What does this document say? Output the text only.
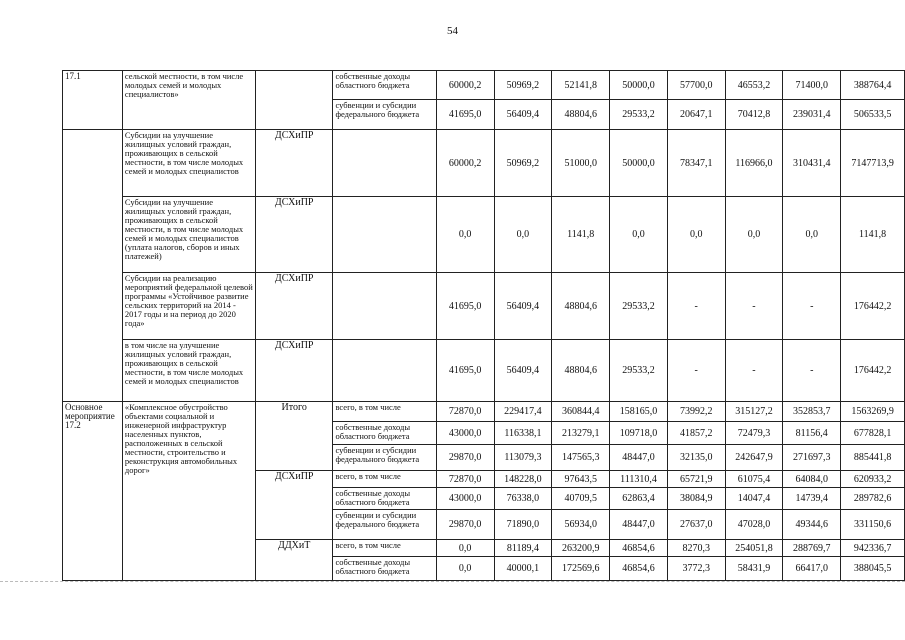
54
17.1	сельской местности, в том числе молодых семей и молодых специалистов»		собственные доходы областного бюджета	60000,2	50969,2	52141,8	50000,0	57700,0	46553,2	71400,0	388764,4
			субвенции и субсидии федерального бюджета	41695,0	56409,4	48804,6	29533,2	20647,1	70412,8	239031,4	506533,5
	Субсидии на улучшение жилищных условий граждан, проживающих в сельской местности, в том числе молодых семей и молодых специалистов	ДСХиПР		60000,2	50969,2	51000,0	50000,0	78347,1	116966,0	310431,4	7147713,9
	Субсидии на улучшение жилищных условий граждан, проживающих в сельской местности, в том числе молодых семей и молодых специалистов (уплата налогов, сборов и иных платежей)	ДСХиПР		0,0	0,0	1141,8	0,0	0,0	0,0	0,0	1141,8
	Субсидии на реализацию мероприятий федеральной целевой программы «Устойчивое развитие сельских территорий на 2014 - 2017 годы и на период до 2020 года»	ДСХиПР		41695,0	56409,4	48804,6	29533,2	-	-	-	176442,2
	в том числе на улучшение жилищных условий граждан, проживающих в сельской местности, в том числе молодых семей и молодых специалистов	ДСХиПР		41695,0	56409,4	48804,6	29533,2	-	-	-	176442,2
Основное мероприятие 17.2	«Комплексное обустройство объектами социальной и инженерной инфраструктур населенных пунктов, расположенных в сельской местности, строительство и реконструкция автомобильных дорог»	Итого	всего, в том числе	72870,0	229417,4	360844,4	158165,0	73992,2	315127,2	352853,7	1563269,9
			собственные доходы областного бюджета	43000,0	116338,1	213279,1	109718,0	41857,2	72479,3	81156,4	677828,1
			субвенции и субсидии федерального бюджета	29870,0	113079,3	147565,3	48447,0	32135,0	242647,9	271697,3	885441,8
		ДСХиПР	всего, в том числе	72870,0	148228,0	97643,5	111310,4	65721,9	61075,4	64084,0	620933,2
			собственные доходы областного бюджета	43000,0	76338,0	40709,5	62863,4	38084,9	14047,4	14739,4	289782,6
			субвенции и субсидии федерального бюджета	29870,0	71890,0	56934,0	48447,0	27637,0	47028,0	49344,6	331150,6
		ДДХиТ	всего, в том числе	0,0	81189,4	263200,9	46854,6	8270,3	254051,8	288769,7	942336,7
			собственные доходы областного бюджета	0,0	40000,1	172569,6	46854,6	3772,3	58431,9	66417,0	388045,5
